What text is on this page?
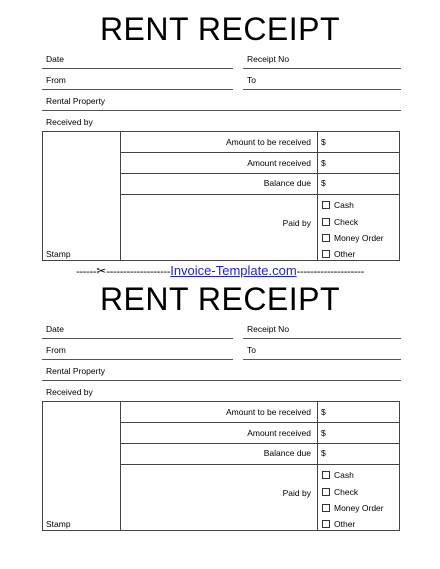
RENT RECEIPT
Date	Receipt No
From	To
Rental Property
Received by
Amount to be received $
Amount received $
Balance due $
Paid by
Cash
Check
Money Order
Other
Stamp
------✂-------------------Invoice-Template.com--------------------
RENT RECEIPT
Date	Receipt No
From	To
Rental Property
Received by
Amount to be received $
Amount received $
Balance due $
Paid by
Cash
Check
Money Order
Other
Stamp
